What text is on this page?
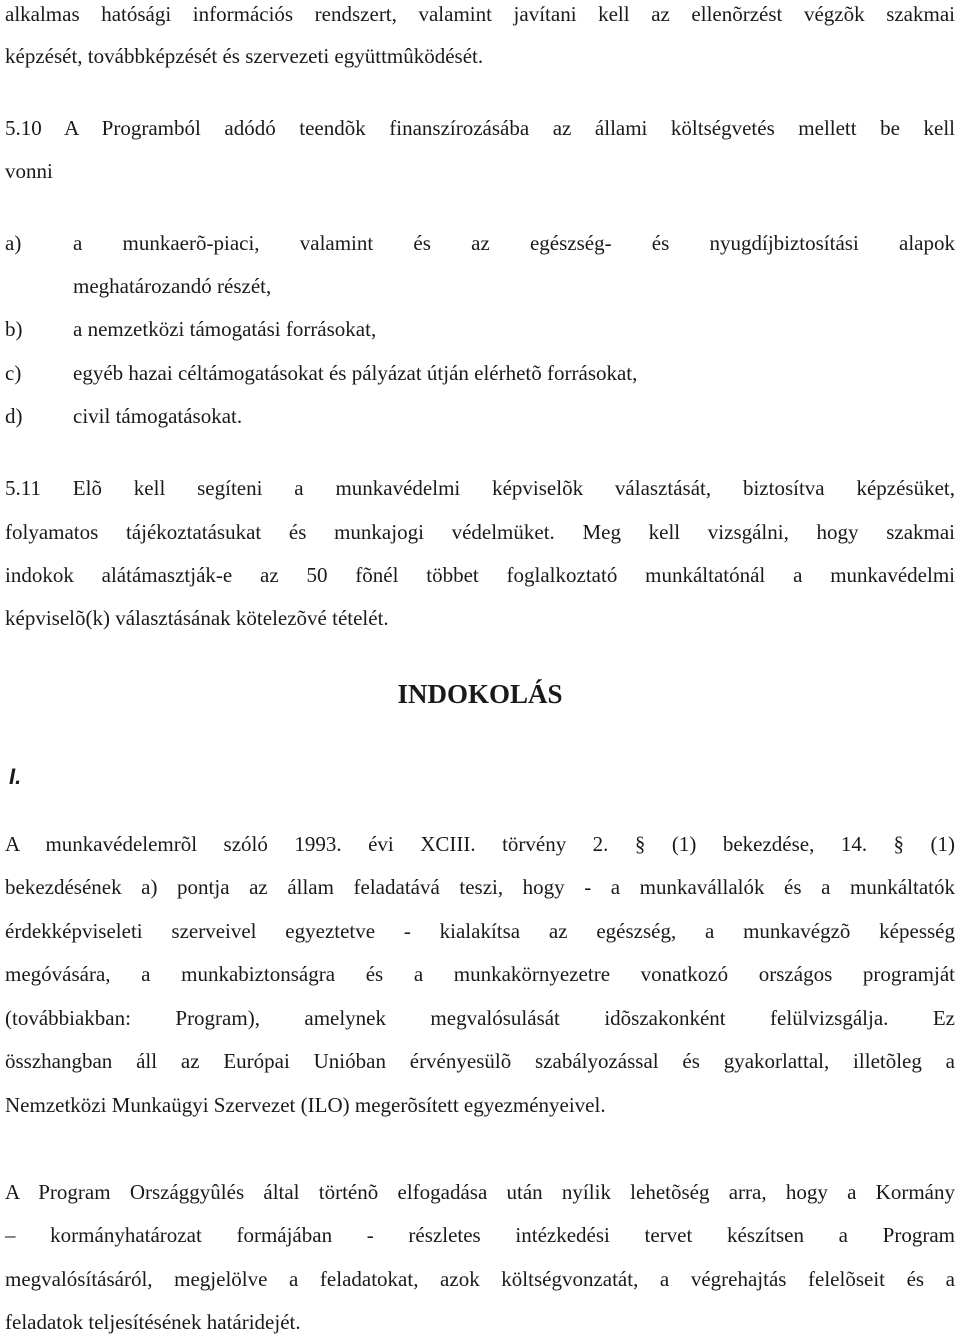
alkalmas hatósági információs rendszert, valamint javítani kell az ellenõrzést végzõk szakmai
képzését, továbbképzését és szervezeti együttmûködését.
5.10 A Programból adódó teendõk finanszírozásába az állami költségvetés mellett be kell
vonni
a) a munkaerõ-piaci, valamint és az egészség- és nyugdíjbiztosítási alapok
meghatározandó részét,
b) a nemzetközi támogatási forrásokat,
c) egyéb hazai céltámogatásokat és pályázat útján elérhetõ forrásokat,
d) civil támogatásokat.
5.11 Elõ kell segíteni a munkavédelmi képviselõk választását, biztosítva képzésüket,
folyamatos tájékoztatásukat és munkajogi védelmüket. Meg kell vizsgálni, hogy szakmai
indokok alátámasztják-e az 50 fõnél többet foglalkoztató munkáltatónál a munkavédelmi
képviselõ(k) választásának kötelezõvé tételét.
INDOKOLÁS
I.
A munkavédelemrõl szóló 1993. évi XCIII. törvény 2. § (1) bekezdése, 14. § (1)
bekezdésének a) pontja az állam feladatává teszi, hogy - a munkavállalók és a munkáltatók
érdekképviseleti szerveivel egyeztetve - kialakítsa az egészség, a munkavégzõ képesség
megóvására, a munkabiztonságra és a munkakörnyezetre vonatkozó országos programját
(továbbiakban: Program), amelynek megvalósulását idõszakonként felülvizsgálja. Ez
összhangban áll az Európai Unióban érvényesülõ szabályozással és gyakorlattal, illetõleg a
Nemzetközi Munkaügyi Szervezet (ILO) megerõsített egyezményeivel.
A Program Országgyûlés által történõ elfogadása után nyílik lehetõség arra, hogy a Kormány
– kormányhatározat formájában - részletes intézkedési tervet készítsen a Program
megvalósításáról, megjelölve a feladatokat, azok költségvonzatát, a végrehajtás felelõseit és a
feladatok teljesítésének határidejét.
